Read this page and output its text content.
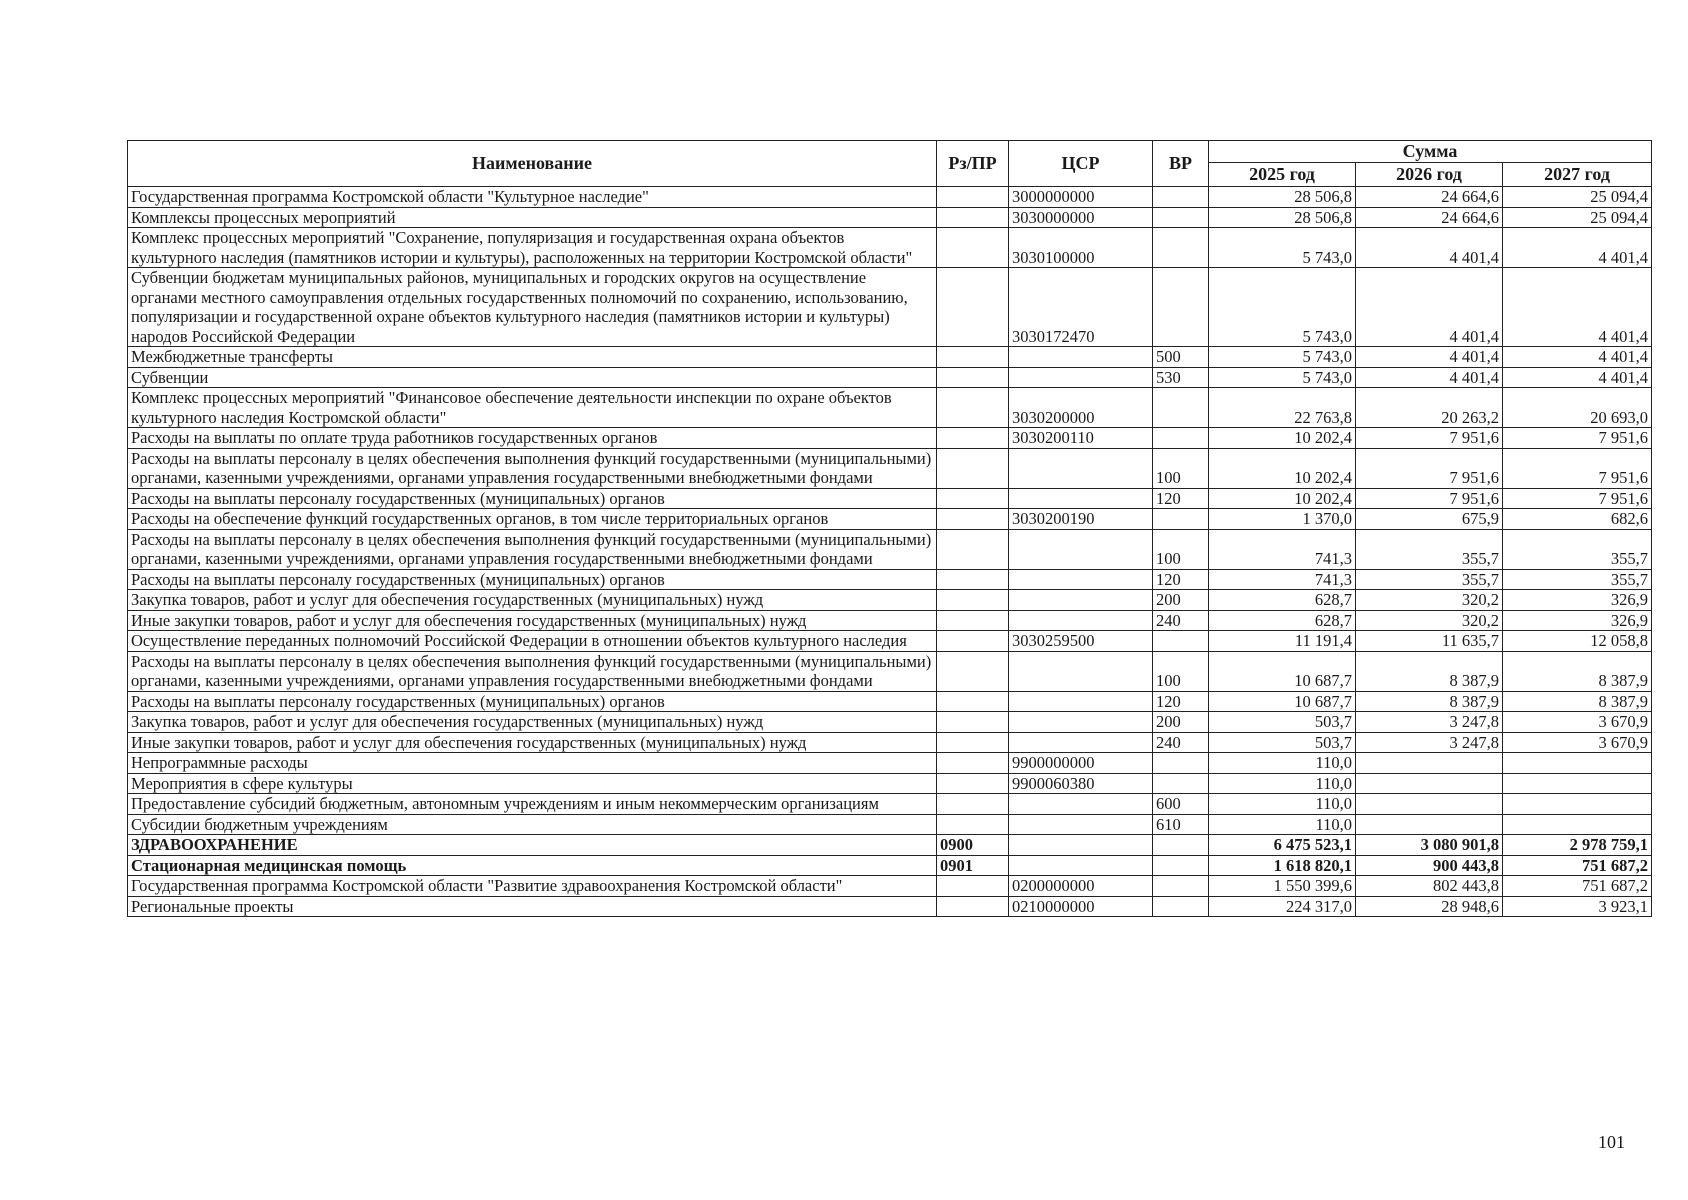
Наименование	Рз/ПР	ЦСР	ВР	Сумма		
				2025 год	2026 год	2027 год
Государственная программа Костромской области "Культурное наследие"		3000000000		28 506,8	24 664,6	25 094,4
Комплексы процессных мероприятий		3030000000		28 506,8	24 664,6	25 094,4
Комплекс процессных мероприятий "Сохранение, популяризация и государственная охрана объектов культурного наследия (памятников истории и культуры), расположенных на территории Костромской области"		3030100000		5 743,0	4 401,4	4 401,4
Субвенции бюджетам муниципальных районов, муниципальных и городских округов на осуществление органами местного самоуправления отдельных государственных полномочий по сохранению, использованию, популяризации и государственной охране объектов культурного наследия (памятников истории и культуры) народов Российской Федерации		3030172470		5 743,0	4 401,4	4 401,4
Межбюджетные трансферты			500	5 743,0	4 401,4	4 401,4
Субвенции			530	5 743,0	4 401,4	4 401,4
Комплекс процессных мероприятий "Финансовое обеспечение деятельности инспекции по охране объектов культурного наследия Костромской области"		3030200000		22 763,8	20 263,2	20 693,0
Расходы на выплаты по оплате труда работников государственных органов		3030200110		10 202,4	7 951,6	7 951,6
Расходы на выплаты персоналу в целях обеспечения выполнения функций государственными (муниципальными) органами, казенными учреждениями, органами управления государственными внебюджетными фондами			100	10 202,4	7 951,6	7 951,6
Расходы на выплаты персоналу государственных (муниципальных) органов			120	10 202,4	7 951,6	7 951,6
Расходы на обеспечение функций государственных органов, в том числе территориальных органов		3030200190		1 370,0	675,9	682,6
Расходы на выплаты персоналу в целях обеспечения выполнения функций государственными (муниципальными) органами, казенными учреждениями, органами управления государственными внебюджетными фондами			100	741,3	355,7	355,7
Расходы на выплаты персоналу государственных (муниципальных) органов			120	741,3	355,7	355,7
Закупка товаров, работ и услуг для обеспечения государственных (муниципальных) нужд			200	628,7	320,2	326,9
Иные закупки товаров, работ и услуг для обеспечения государственных (муниципальных) нужд			240	628,7	320,2	326,9
Осуществление переданных полномочий Российской Федерации в отношении объектов культурного наследия		3030259500		11 191,4	11 635,7	12 058,8
Расходы на выплаты персоналу в целях обеспечения выполнения функций государственными (муниципальными) органами, казенными учреждениями, органами управления государственными внебюджетными фондами			100	10 687,7	8 387,9	8 387,9
Расходы на выплаты персоналу государственных (муниципальных) органов			120	10 687,7	8 387,9	8 387,9
Закупка товаров, работ и услуг для обеспечения государственных (муниципальных) нужд			200	503,7	3 247,8	3 670,9
Иные закупки товаров, работ и услуг для обеспечения государственных (муниципальных) нужд			240	503,7	3 247,8	3 670,9
Непрограммные расходы		9900000000		110,0		
Мероприятия в сфере культуры		9900060380		110,0		
Предоставление субсидий бюджетным, автономным учреждениям и иным некоммерческим организациям			600	110,0		
Субсидии бюджетным учреждениям			610	110,0		
ЗДРАВООХРАНЕНИЕ	0900			6 475 523,1	3 080 901,8	2 978 759,1
Стационарная медицинская помощь	0901			1 618 820,1	900 443,8	751 687,2
Государственная программа Костромской области "Развитие здравоохранения Костромской области"		0200000000		1 550 399,6	802 443,8	751 687,2
Региональные проекты		0210000000		224 317,0	28 948,6	3 923,1
101
